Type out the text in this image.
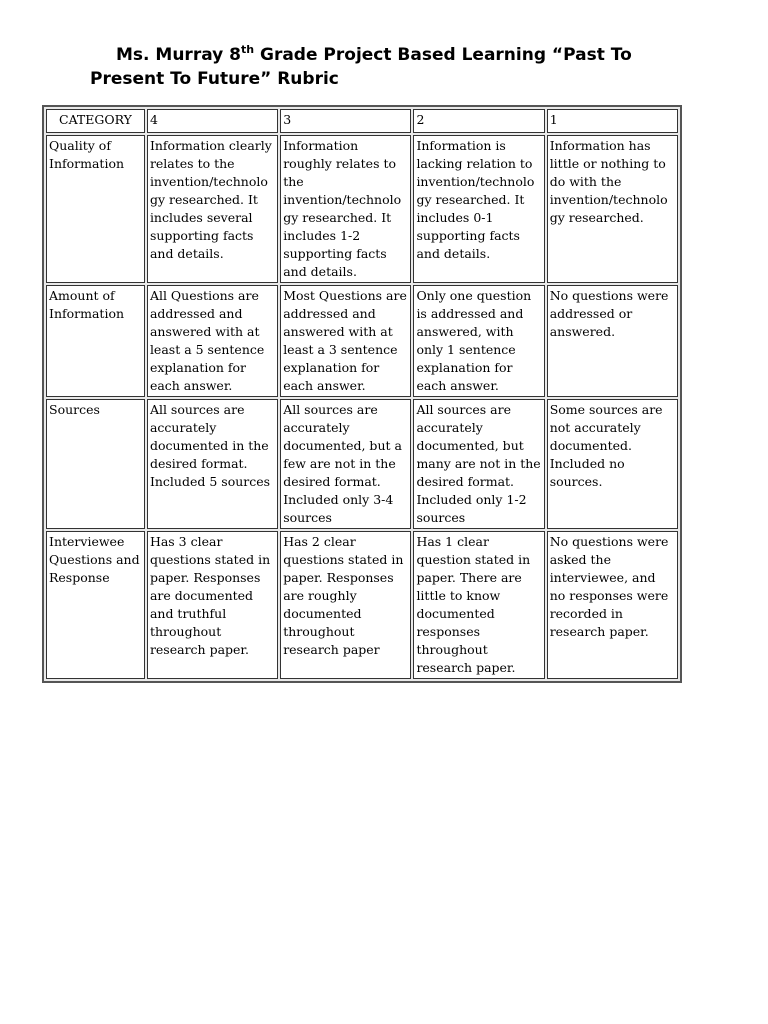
Ms. Murray 8th Grade Project Based Learning “Past To
Present To Future” Rubric
CATEGORY	4	3	2	1
Quality of Information	Information clearly relates to the invention/technology researched. It includes several supporting facts and details.	Information roughly relates to the invention/technology researched. It includes 1-2 supporting facts and details.	Information is lacking relation to invention/technology researched. It includes 0-1 supporting facts and details.	Information has little or nothing to do with the invention/technology researched.
Amount of Information	All Questions are addressed and answered with at least a 5 sentence explanation for each answer.	Most Questions are addressed and answered with at least a 3 sentence explanation for each answer.	Only one question is addressed and answered, with only 1 sentence explanation for each answer.	No questions were addressed or answered.
Sources	All sources are accurately documented in the desired format. Included 5 sources	All sources are accurately documented, but a few are not in the desired format. Included only 3-4 sources	All sources are accurately documented, but many are not in the desired format. Included only 1-2 sources	Some sources are not accurately documented. Included no sources.
Interviewee Questions and Response	Has 3 clear questions stated in paper. Responses are documented and truthful throughout research paper.	Has 2 clear questions stated in paper. Responses are roughly documented throughout research paper	Has 1 clear question stated in paper. There are little to know documented responses throughout research paper.	No questions were asked the interviewee, and no responses were recorded in research paper.
